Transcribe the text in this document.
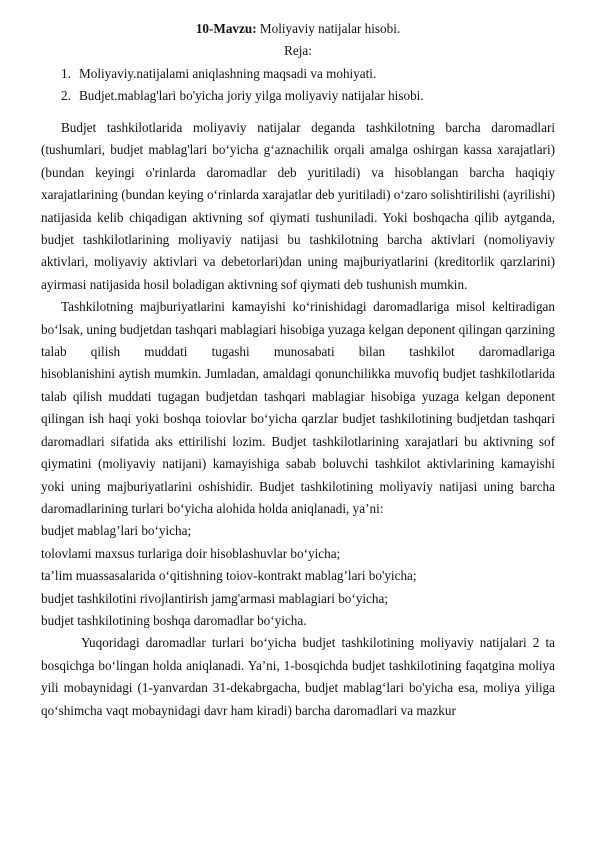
10-Mavzu: Moliyaviy natijalar hisobi.
Reja:
1. Moliyaviy.natijalami aniqlashning maqsadi va mohiyati.
2. Budjet.mablag'lari bo'yicha joriy yilga moliyaviy natijalar hisobi.

Budjet tashkilotlarida moliyaviy natijalar deganda tashkilotning barcha daromadlari (tushumlari, budjet mablag'lari bo‘yicha g‘aznachilik orqali amalga oshirgan kassa xarajatlari) (bundan keyingi o'rinlarda daromadlar deb yuritiladi) va hisoblangan barcha haqiqiy xarajatlarining (bundan keying o‘rinlarda xarajatlar deb yuritiladi) o‘zaro solishtirilishi (ayrilishi) natijasida kelib chiqadigan aktivning sof qiymati tushuniladi. Yoki boshqacha qilib aytganda, budjet tashkilotlarining moliyaviy natijasi bu tashkilotning barcha aktivlari (nomoliyaviy aktivlari, moliyaviy aktivlari va debetorlari)dan uning majburiyatlarini (kreditorlik qarzlarini) ayirmasi natijasida hosil boladigan aktivning sof qiymati deb tushunish mumkin.

Tashkilotning majburiyatlarini kamayishi ko‘rinishidagi daromadlariga misol keltiradigan bo‘lsak, uning budjetdan tashqari mablagiari hisobiga yuzaga kelgan deponent qilingan qarzining talab qilish muddati tugashi munosabati bilan tashkilot daromadlariga

hisoblanishini aytish mumkin. Jumladan, amaldagi qonunchilikka muvofiq budjet tashkilotlarida talab qilish muddati tugagan budjetdan tashqari mablagiar hisobiga yuzaga kelgan deponent qilingan ish haqi yoki boshqa toiovlar bo‘yicha qarzlar budjet tashkilotining budjetdan tashqari daromadlari sifatida aks ettirilishi lozim. Budjet tashkilotlarining xarajatlari bu aktivning sof qiymatini (moliyaviy natijani) kamayishiga sabab boluvchi tashkilot aktivlarining kamayishi yoki uning majburiyatlarini oshishidir. Budjet tashkilotining moliyaviy natijasi uning barcha daromadlarining turlari bo‘yicha alohida holda aniqlanadi, ya’ni:

budjet mablag’lari bo‘yicha;

tolovlami maxsus turlariga doir hisoblashuvlar bo‘yicha;

ta’lim muassasalarida o‘qitishning toiov-kontrakt mablag’lari bo'yicha;

budjet tashkilotini rivojlantirish jamg'armasi mablagiari bo‘yicha;

budjet tashkilotining boshqa daromadlar bo‘yicha.

Yuqoridagi daromadlar turlari bo‘yicha budjet tashkilotining moliyaviy natijalari 2 ta bosqichga bo‘lingan holda aniqlanadi. Ya’ni, 1-bosqichda budjet tashkilotining faqatgina moliya yili mobaynidagi (1-yanvardan 31-dekabrgacha, budjet mablag‘lari bo'yicha esa, moliya yiliga qo‘shimcha vaqt mobaynidagi davr ham kiradi) barcha daromadlari va mazkur
